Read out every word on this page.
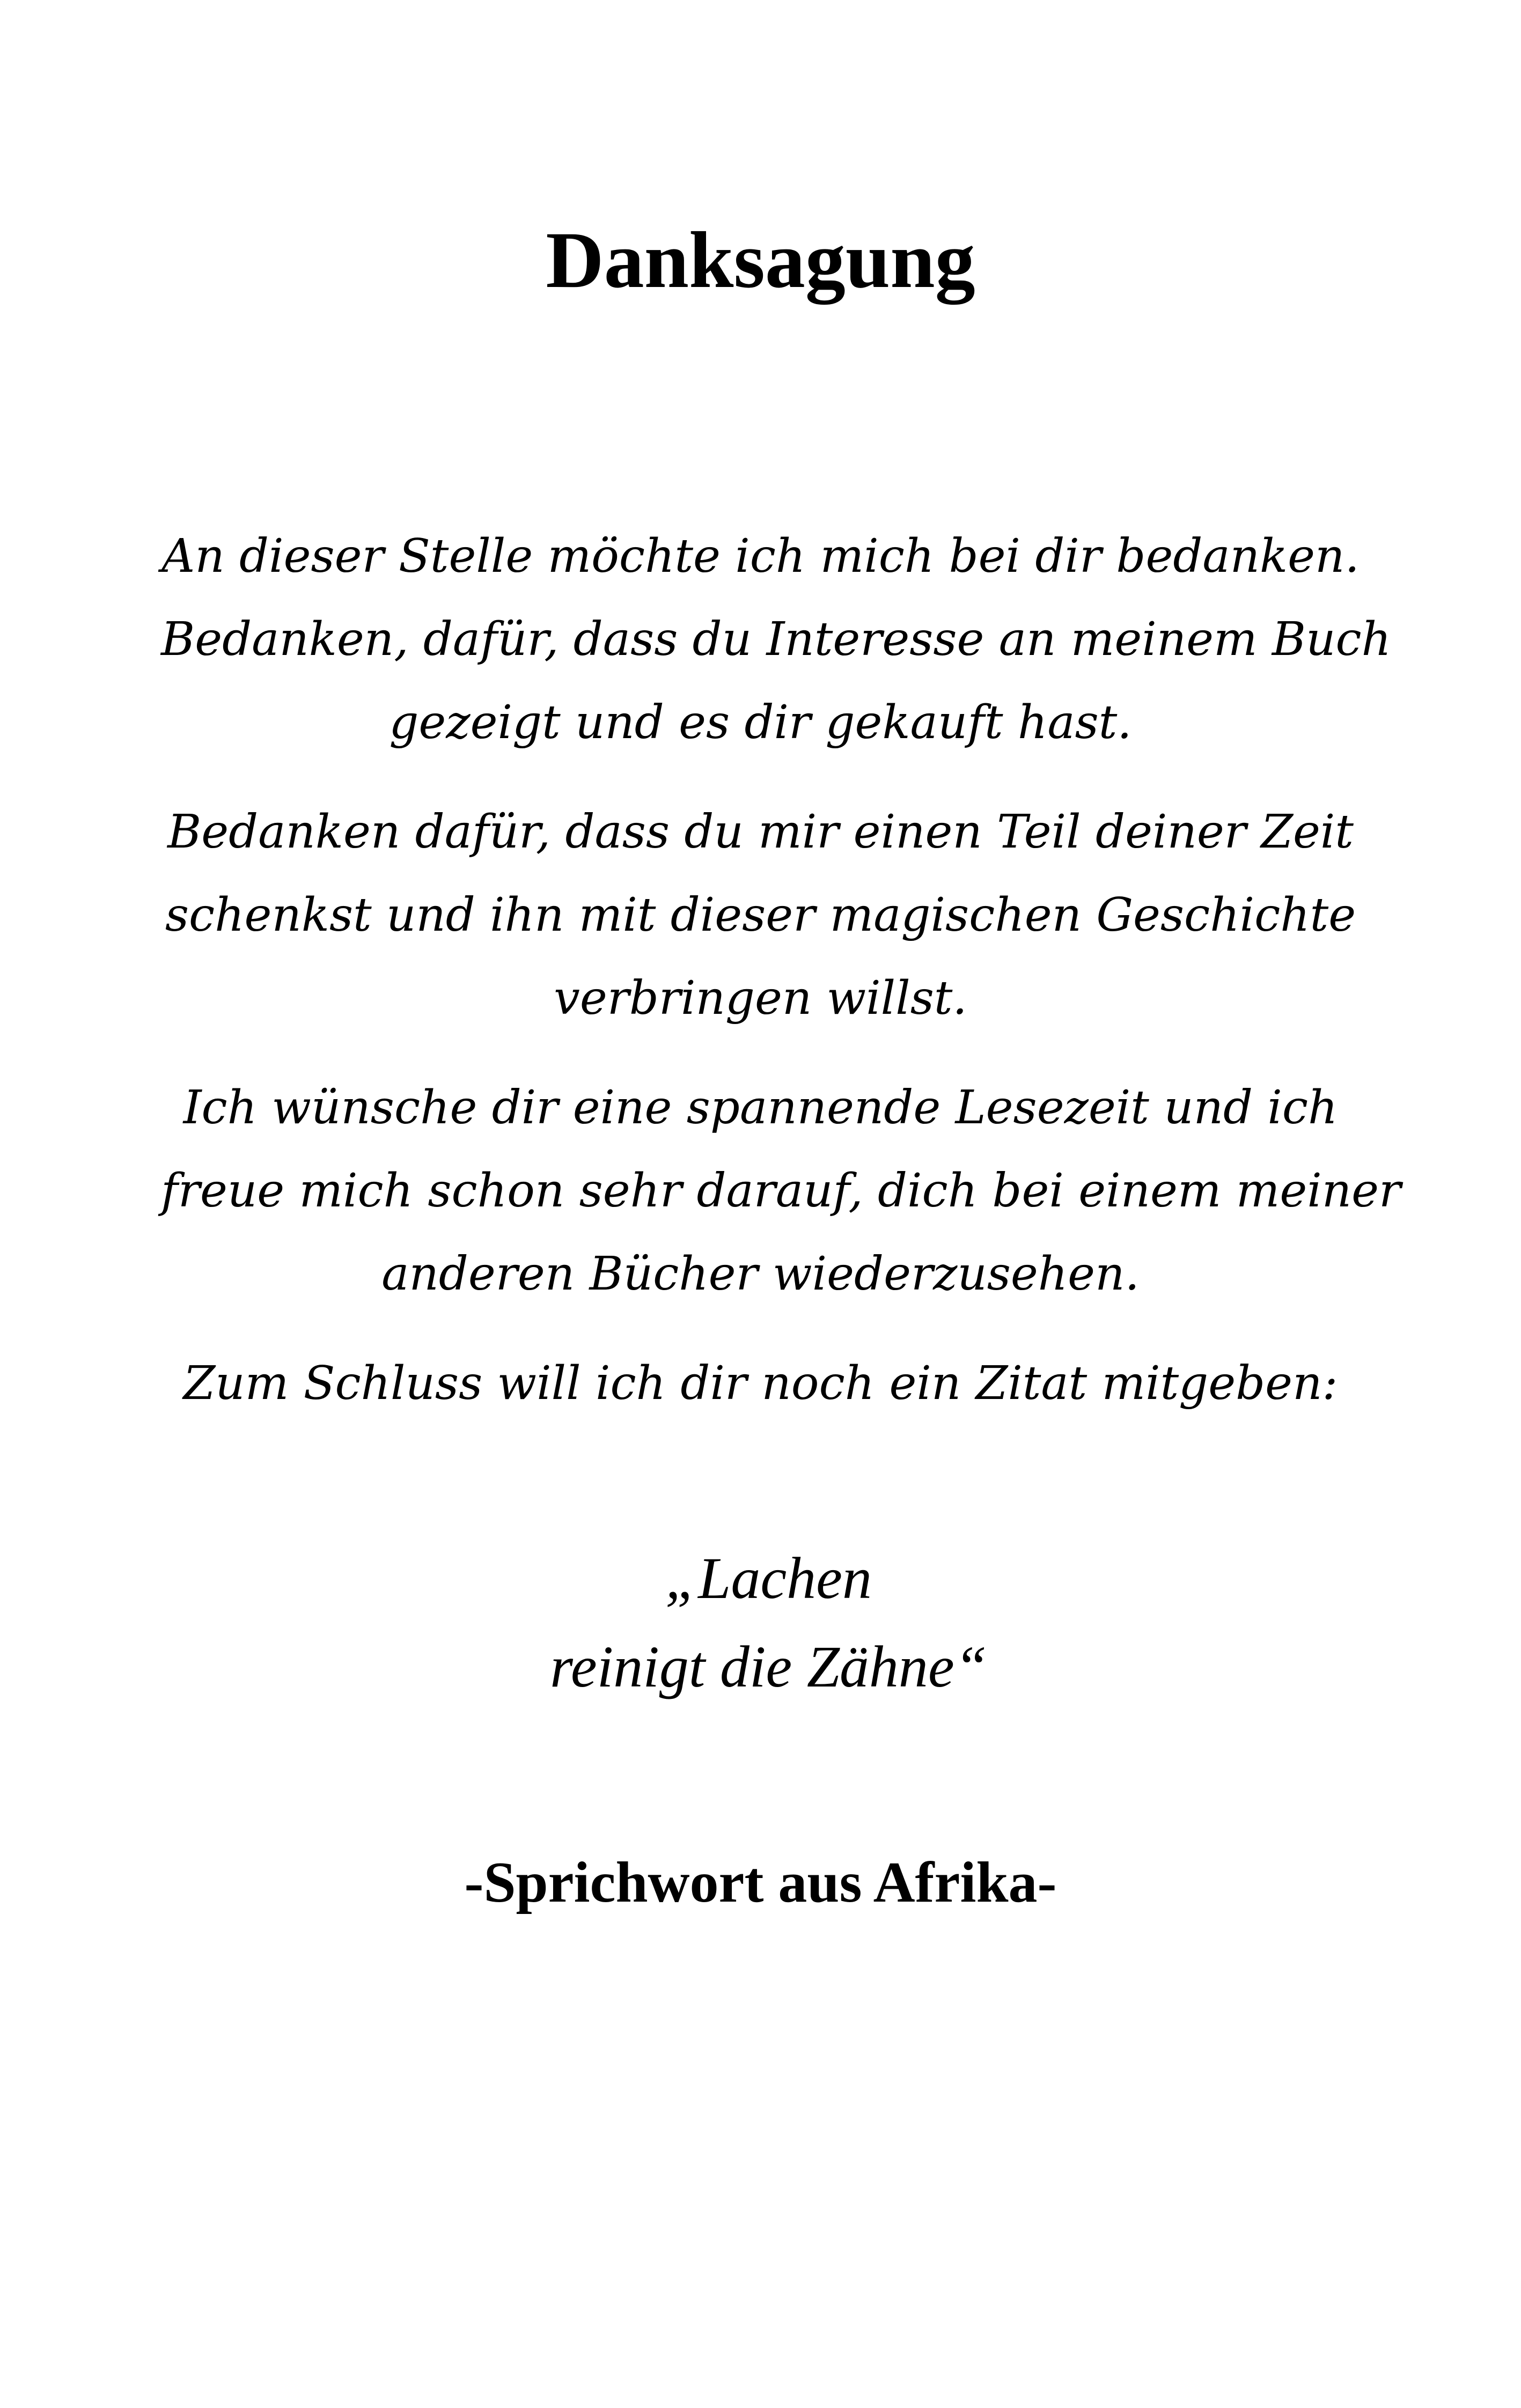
Danksagung

An dieser Stelle möchte ich mich bei dir bedanken.
Bedanken, dafür, dass du Interesse an meinem Buch
gezeigt und es dir gekauft hast.

Bedanken dafür, dass du mir einen Teil deiner Zeit
schenkst und ihn mit dieser magischen Geschichte
verbringen willst.

Ich wünsche dir eine spannende Lesezeit und ich
freue mich schon sehr darauf, dich bei einem meiner
anderen Bücher wiederzusehen.

Zum Schluss will ich dir noch ein Zitat mitgeben:

„Lachen
reinigt die Zähne“
-Sprichwort aus Afrika-
